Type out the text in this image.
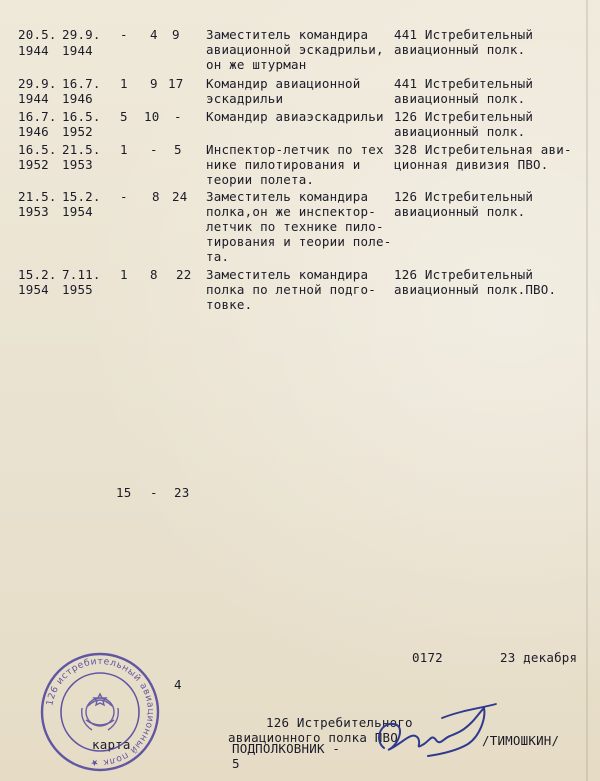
20.5.
1944
29.9.
1944
- 4 9 Заместитель командира
авиационной эскадрильи,
он же штурман
441 Истребительный
авиационный полк.
29.9.
1944
16.7.
1946
1 9 17 Командир авиационной
эскадрильи
441 Истребительный
авиационный полк.
16.7.
1946
16.5.
1952
5 10 - Командир авиаэскадрильи 126 Истребительный
авиационный полк.
16.5.
1952
21.5.
1953
1 - 5 Инспектор-летчик по тех
нике пилотирования и
теории полета.
328 Истребительная ави-
ционная дивизия ПВО.
21.5.
1953
15.2.
1954
- 8 24 Заместитель командира
полка,он же инспектор-
летчик по технике пило-
тирования и теории поле-
та.
126 Истребительный
авиационный полк.
15.2.
1954
7.11.
1955
1 8 22 Заместитель командира
полка по летной подго-
товке.
126 Истребительный
авиационный полк.ПВО.
15 - 23
0172	23 декабря
4
126 Истребительного
авиационного полка ПВО
ПОДПОЛКОВНИК -
/ТИМОШКИН/
карта
5
126 истребительный авиационный полк ★
